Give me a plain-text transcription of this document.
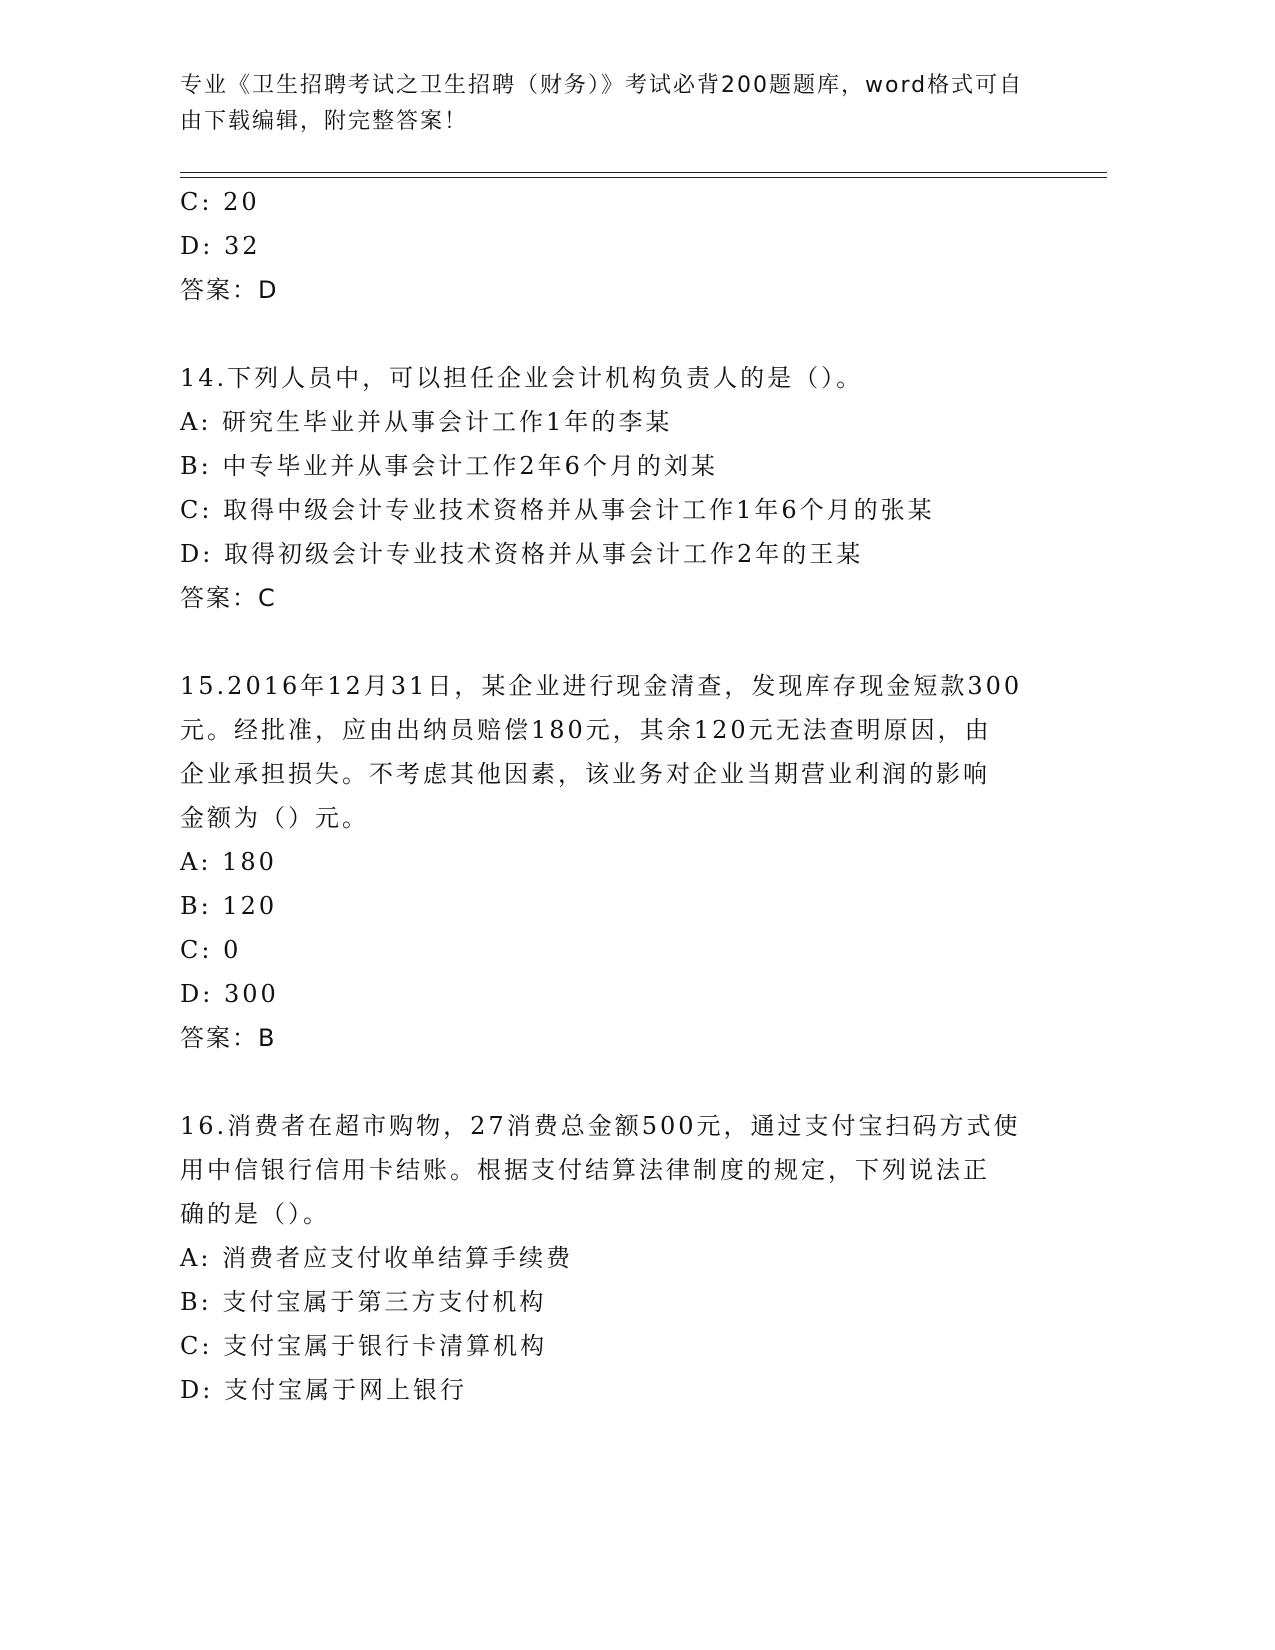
专业《卫生招聘考试之卫生招聘（财务）》考试必背200题题库，word格式可自
由下载编辑，附完整答案！
C: 20
D: 32
答案：D
14.下列人员中，可以担任企业会计机构负责人的是（）。
A: 研究生毕业并从事会计工作1年的李某
B: 中专毕业并从事会计工作2年6个月的刘某
C: 取得中级会计专业技术资格并从事会计工作1年6个月的张某
D: 取得初级会计专业技术资格并从事会计工作2年的王某
答案：C
15.2016年12月31日，某企业进行现金清查，发现库存现金短款300
元。经批准，应由出纳员赔偿180元，其余120元无法查明原因，由
企业承担损失。不考虑其他因素，该业务对企业当期营业利润的影响
金额为（）元。
A: 180
B: 120
C: 0
D: 300
答案：B
16.消费者在超市购物，27消费总金额500元，通过支付宝扫码方式使
用中信银行信用卡结账。根据支付结算法律制度的规定，下列说法正
确的是（）。
A: 消费者应支付收单结算手续费
B: 支付宝属于第三方支付机构
C: 支付宝属于银行卡清算机构
D: 支付宝属于网上银行
